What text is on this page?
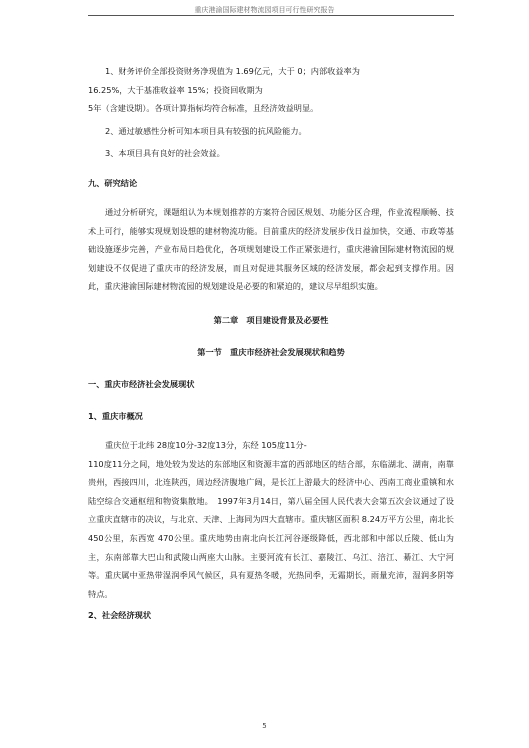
重庆港渝国际建材物流园项目可行性研究报告

1、财务评价全部投资财务净现值为 1.69亿元，大于 0；内部收益率为

16.25%，大于基准收益率 15%；投资回收期为

5年（含建设期）。各项计算指标均符合标准，且经济效益明显。

2、通过敏感性分析可知本项目具有较强的抗风险能力。

3、本项目具有良好的社会效益。

九、研究结论

通过分析研究，课题组认为本规划推荐的方案符合园区规划、功能分区合理，作业流程顺畅、技术上可行，能够实现规划设想的建材物流功能。目前重庆的经济发展步伐日益加快，交通、市政等基础设施逐步完善，产业布局日趋优化，各项规划建设工作正紧张进行，重庆港渝国际建材物流园的规划建设不仅促进了重庆市的经济发展，而且对促进其服务区域的经济发展，都会起到支撑作用。因此，重庆港渝国际建材物流园的规划建设是必要的和紧迫的，建议尽早组织实施。

第二章　项目建设背景及必要性

第一节　重庆市经济社会发展现状和趋势

一、重庆市经济社会发展现状

1、重庆市概况

重庆位于北纬 28度10分-32度13分，东经 105度11分-

110度11分之间，地处较为发达的东部地区和资源丰富的西部地区的结合部，东临湖北、湖南，南靠贵州，西接四川，北连陕西，周边经济腹地广阔，是长江上游最大的经济中心、西南工商业重镇和水陆空综合交通枢纽和物资集散地。　1997年3月14日，第八届全国人民代表大会第五次会议通过了设立重庆直辖市的决议，与北京、天津、上海同为四大直辖市。重庆辖区面积 8.24万平方公里，南北长 450公里，东西宽 470公里。重庆地势由南北向长江河谷逐级降低，西北部和中部以丘陵、低山为主，东南部靠大巴山和武陵山两座大山脉。主要河流有长江、嘉陵江、乌江、涪江、綦江、大宁河等。重庆属中亚热带湿润季风气候区，具有夏热冬暖，光热同季，无霜期长，雨量充沛，湿润多阴等特点。

2、社会经济现状

5
